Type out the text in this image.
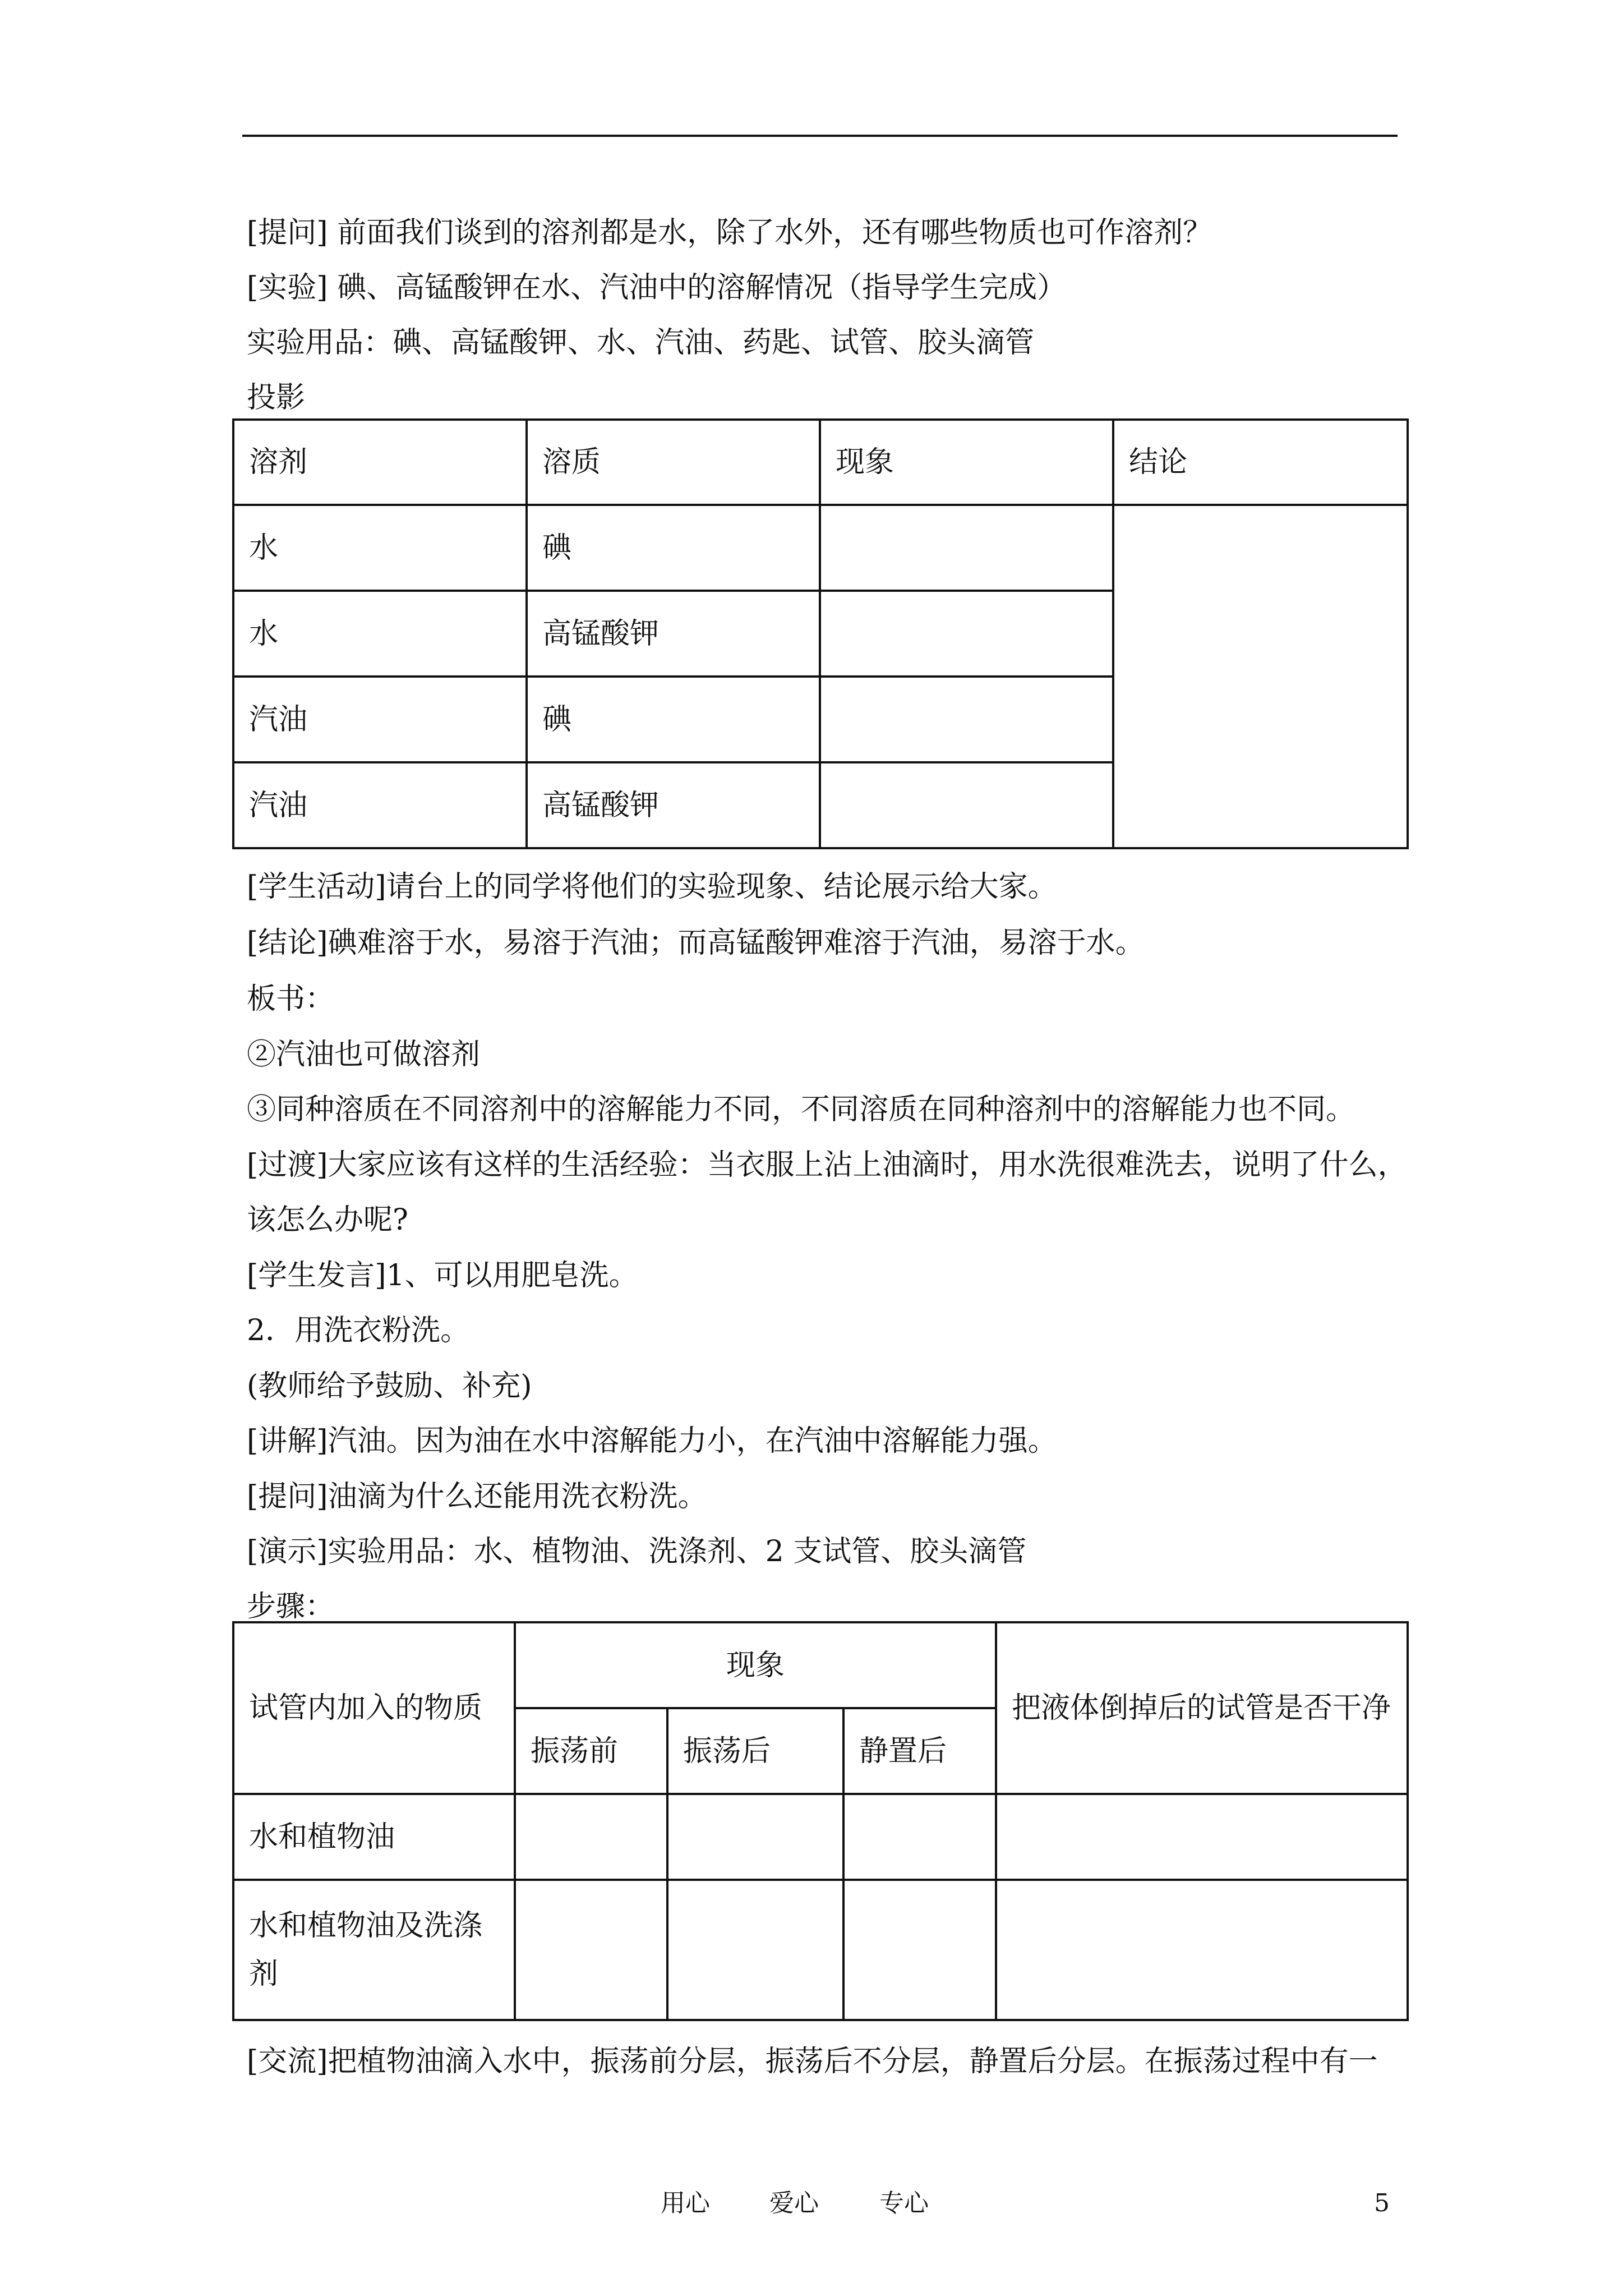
[提问] 前面我们谈到的溶剂都是水，除了水外，还有哪些物质也可作溶剂？
[实验] 碘、高锰酸钾在水、汽油中的溶解情况（指导学生完成）
实验用品：碘、高锰酸钾、水、汽油、药匙、试管、胶头滴管
投影
溶剂	溶质	现象	结论
水	碘		
水	高锰酸钾		
汽油	碘		
汽油	高锰酸钾		
[学生活动]请台上的同学将他们的实验现象、结论展示给大家。
[结论]碘难溶于水，易溶于汽油；而高锰酸钾难溶于汽油，易溶于水。
板书：
②汽油也可做溶剂
③同种溶质在不同溶剂中的溶解能力不同，不同溶质在同种溶剂中的溶解能力也不同。
[过渡]大家应该有这样的生活经验：当衣服上沾上油滴时，用水洗很难洗去，说明了什么，
该怎么办呢?
[学生发言]1、可以用肥皂洗。
2．用洗衣粉洗。
(教师给予鼓励、补充)
[讲解]汽油。因为油在水中溶解能力小，在汽油中溶解能力强。
[提问]油滴为什么还能用洗衣粉洗。
[演示]实验用品：水、植物油、洗涤剂、2 支试管、胶头滴管
步骤：
试管内加入的物质	现象			把液体倒掉后的试管是否干净
	振荡前	振荡后	静置后	
水和植物油				
水和植物油及洗涤剂				
[交流]把植物油滴入水中，振荡前分层，振荡后不分层，静置后分层。在振荡过程中有一
用心 爱心 专心	5
